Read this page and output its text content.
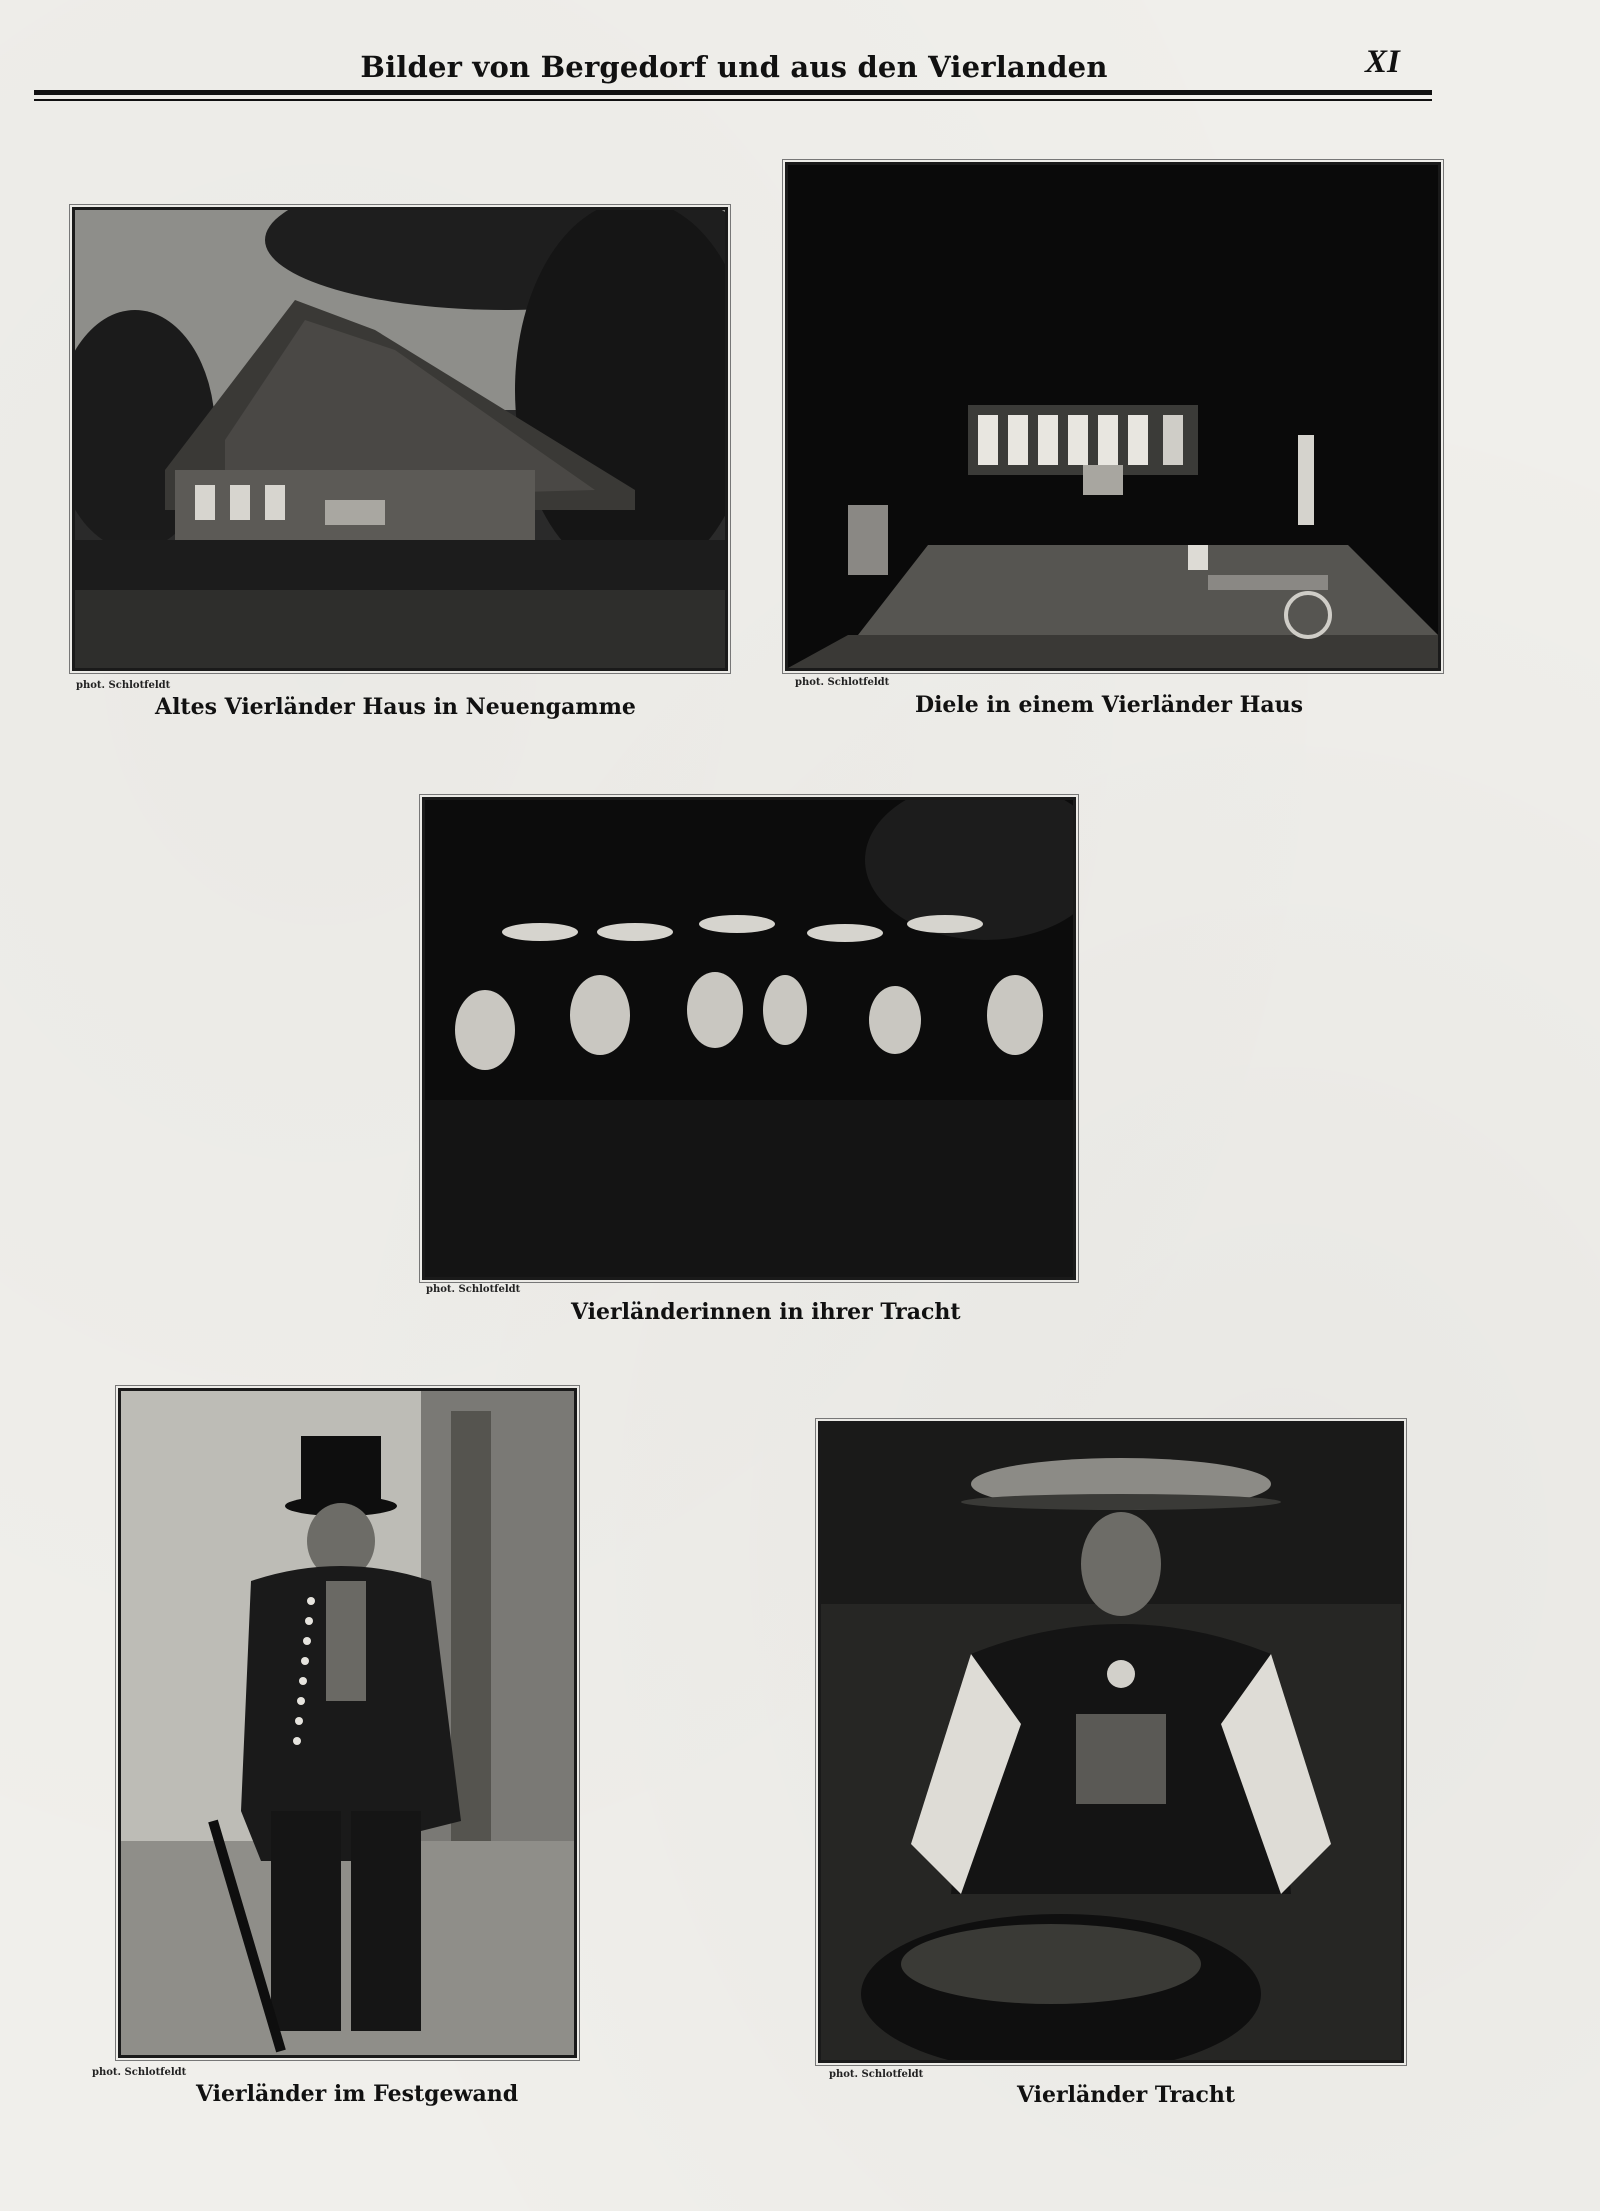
Bilder von Bergedorf und aus den Vierlanden	XI
phot. Schlotfeldt
Altes Vierländer Haus in Neuengamme
phot. Schlotfeldt
Diele in einem Vierländer Haus
phot. Schlotfeldt
Vierländerinnen in ihrer Tracht
phot. Schlotfeldt
Vierländer im Festgewand
phot. Schlotfeldt
Vierländer Tracht
